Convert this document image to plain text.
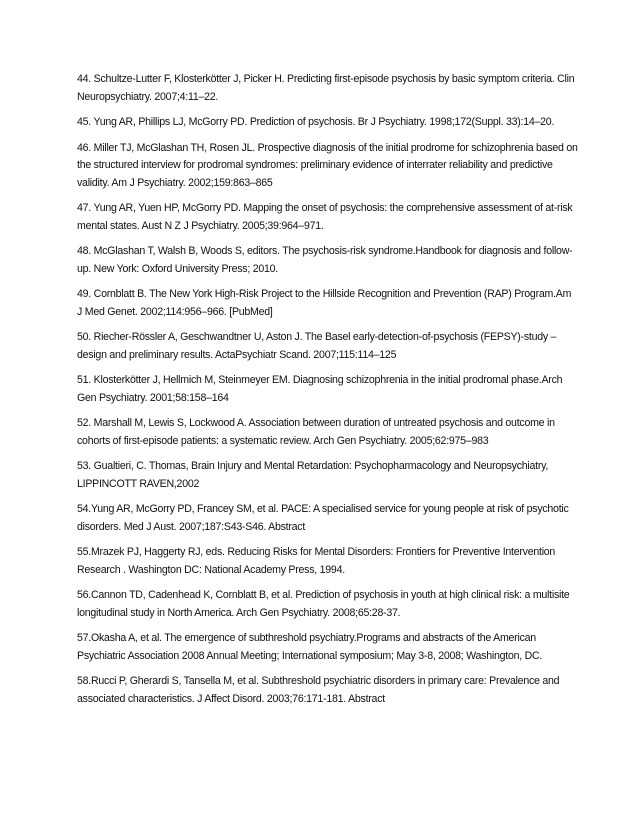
44. Schultze-Lutter F, Klosterkötter J, Picker H. Predicting first-episode psychosis by basic symptom criteria. Clin Neuropsychiatry. 2007;4:11–22.
45. Yung AR, Phillips LJ, McGorry PD. Prediction of psychosis. Br J Psychiatry. 1998;172(Suppl. 33):14–20.
46. Miller TJ, McGlashan TH, Rosen JL. Prospective diagnosis of the initial prodrome for schizophrenia based on the structured interview for prodromal syndromes: preliminary evidence of interrater reliability and predictive validity. Am J Psychiatry. 2002;159:863–865
47. Yung AR, Yuen HP, McGorry PD. Mapping the onset of psychosis: the comprehensive assessment of at-risk mental states. Aust N Z J Psychiatry. 2005;39:964–971.
48. McGlashan T, Walsh B, Woods S, editors. The psychosis-risk syndrome.Handbook for diagnosis and follow-up. New York: Oxford University Press; 2010.
49. Cornblatt B. The New York High-Risk Project to the Hillside Recognition and Prevention (RAP) Program.Am J Med Genet. 2002;114:956–966. [PubMed]
50. Riecher-Rössler A, Geschwandtner U, Aston J. The Basel early-detection-of-psychosis (FEPSY)-study – design and preliminary results. ActaPsychiatr Scand. 2007;115:114–125
51. Klosterkötter J, Hellmich M, Steinmeyer EM. Diagnosing schizophrenia in the initial prodromal phase.Arch Gen Psychiatry. 2001;58:158–164
52. Marshall M, Lewis S, Lockwood A. Association between duration of untreated psychosis and outcome in cohorts of first-episode patients: a systematic review. Arch Gen Psychiatry. 2005;62:975–983
53. Gualtieri, C. Thomas, Brain Injury and Mental Retardation: Psychopharmacology and Neuropsychiatry, LIPPINCOTT RAVEN,2002
54.Yung AR, McGorry PD, Francey SM, et al. PACE: A specialised service for young people at risk of psychotic disorders. Med J Aust. 2007;187:S43-S46. Abstract
55.Mrazek PJ, Haggerty RJ, eds. Reducing Risks for Mental Disorders: Frontiers for Preventive Intervention Research . Washington DC: National Academy Press, 1994.
56.Cannon TD, Cadenhead K, Cornblatt B, et al. Prediction of psychosis in youth at high clinical risk: a multisite longitudinal study in North America. Arch Gen Psychiatry. 2008;65:28-37.
57.Okasha A, et al. The emergence of subthreshold psychiatry.Programs and abstracts of the American Psychiatric Association 2008 Annual Meeting; International symposium; May 3-8, 2008; Washington, DC.
58.Rucci P, Gherardi S, Tansella M, et al. Subthreshold psychiatric disorders in primary care: Prevalence and associated characteristics. J Affect Disord. 2003;76:171-181. Abstract
